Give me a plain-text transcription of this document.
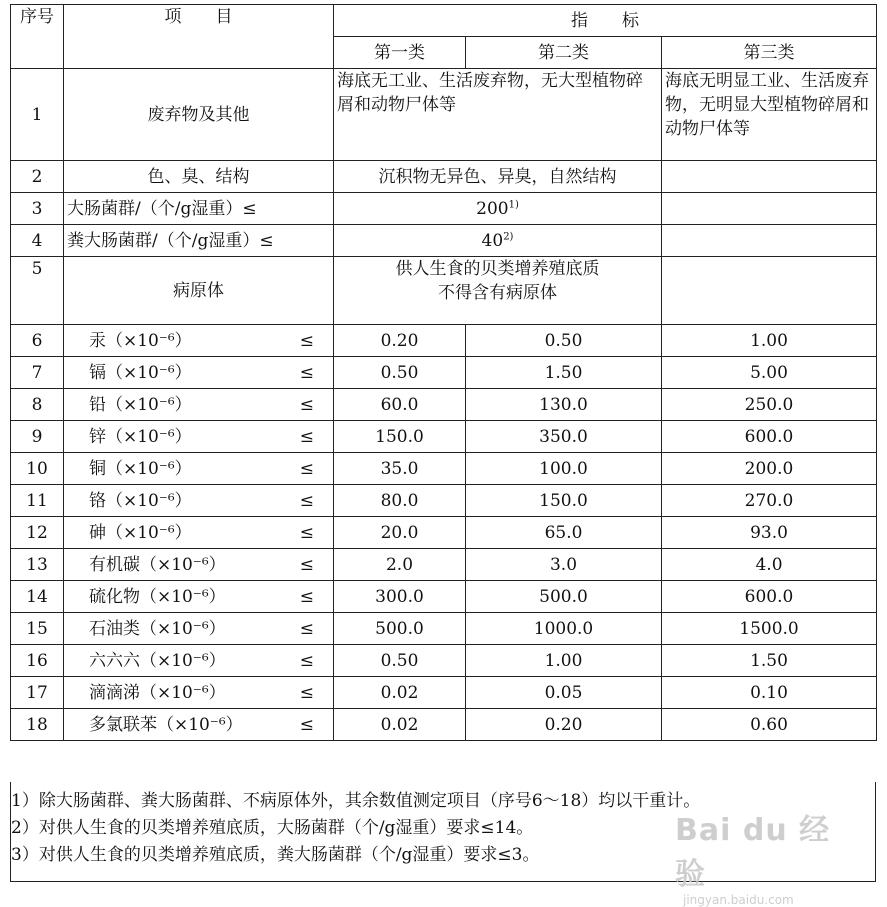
序号	项　　目	指　　标		
		第一类	第二类	第三类
1	废弃物及其他	海底无工业、生活废弃物，无大型植物碎屑和动物尸体等		海底无明显工业、生活废弃物，无明显大型植物碎屑和动物尸体等
2	色、臭、结构	沉积物无异色、异臭，自然结构		
3	大肠菌群/（个/g湿重）≤	$200^{1)}$	
4	粪大肠菌群/（个/g湿重）≤	$40^{2)}$	
5	病原体	供人生食的贝类增养殖底质
不得含有病原体		

6	汞（×10⁻⁶） ≤	0.20	0.50	1.00
7	镉（×10⁻⁶） ≤	0.50	1.50	5.00
8	铅（×10⁻⁶） ≤	60.0	130.0	250.0
9	锌（×10⁻⁶） ≤	150.0	350.0	600.0
10	铜（×10⁻⁶） ≤	35.0	100.0	200.0
11	铬（×10⁻⁶） ≤	80.0	150.0	270.0
12	砷（×10⁻⁶） ≤	20.0	65.0	93.0
13	有机碳（×10⁻⁶） ≤	2.0	3.0	4.0
14	硫化物（×10⁻⁶） ≤	300.0	500.0	600.0
15	石油类（×10⁻⁶） ≤	500.0	1000.0	1500.0
16	六六六（×10⁻⁶） ≤	0.50	1.00	1.50
17	滴滴涕（×10⁻⁶） ≤	0.02	0.05	0.10
18	多氯联苯（×10⁻⁶） ≤	0.02	0.20	0.60
1）除大肠菌群、粪大肠菌群、不病原体外，其余数值测定项目（序号6～18）均以干重计。
2）对供人生食的贝类增养殖底质，大肠菌群（个/g湿重）要求≤14。
3）对供人生食的贝类增养殖底质，粪大肠菌群（个/g湿重）要求≤3。
Bai du 经验
jingyan.baidu.com
